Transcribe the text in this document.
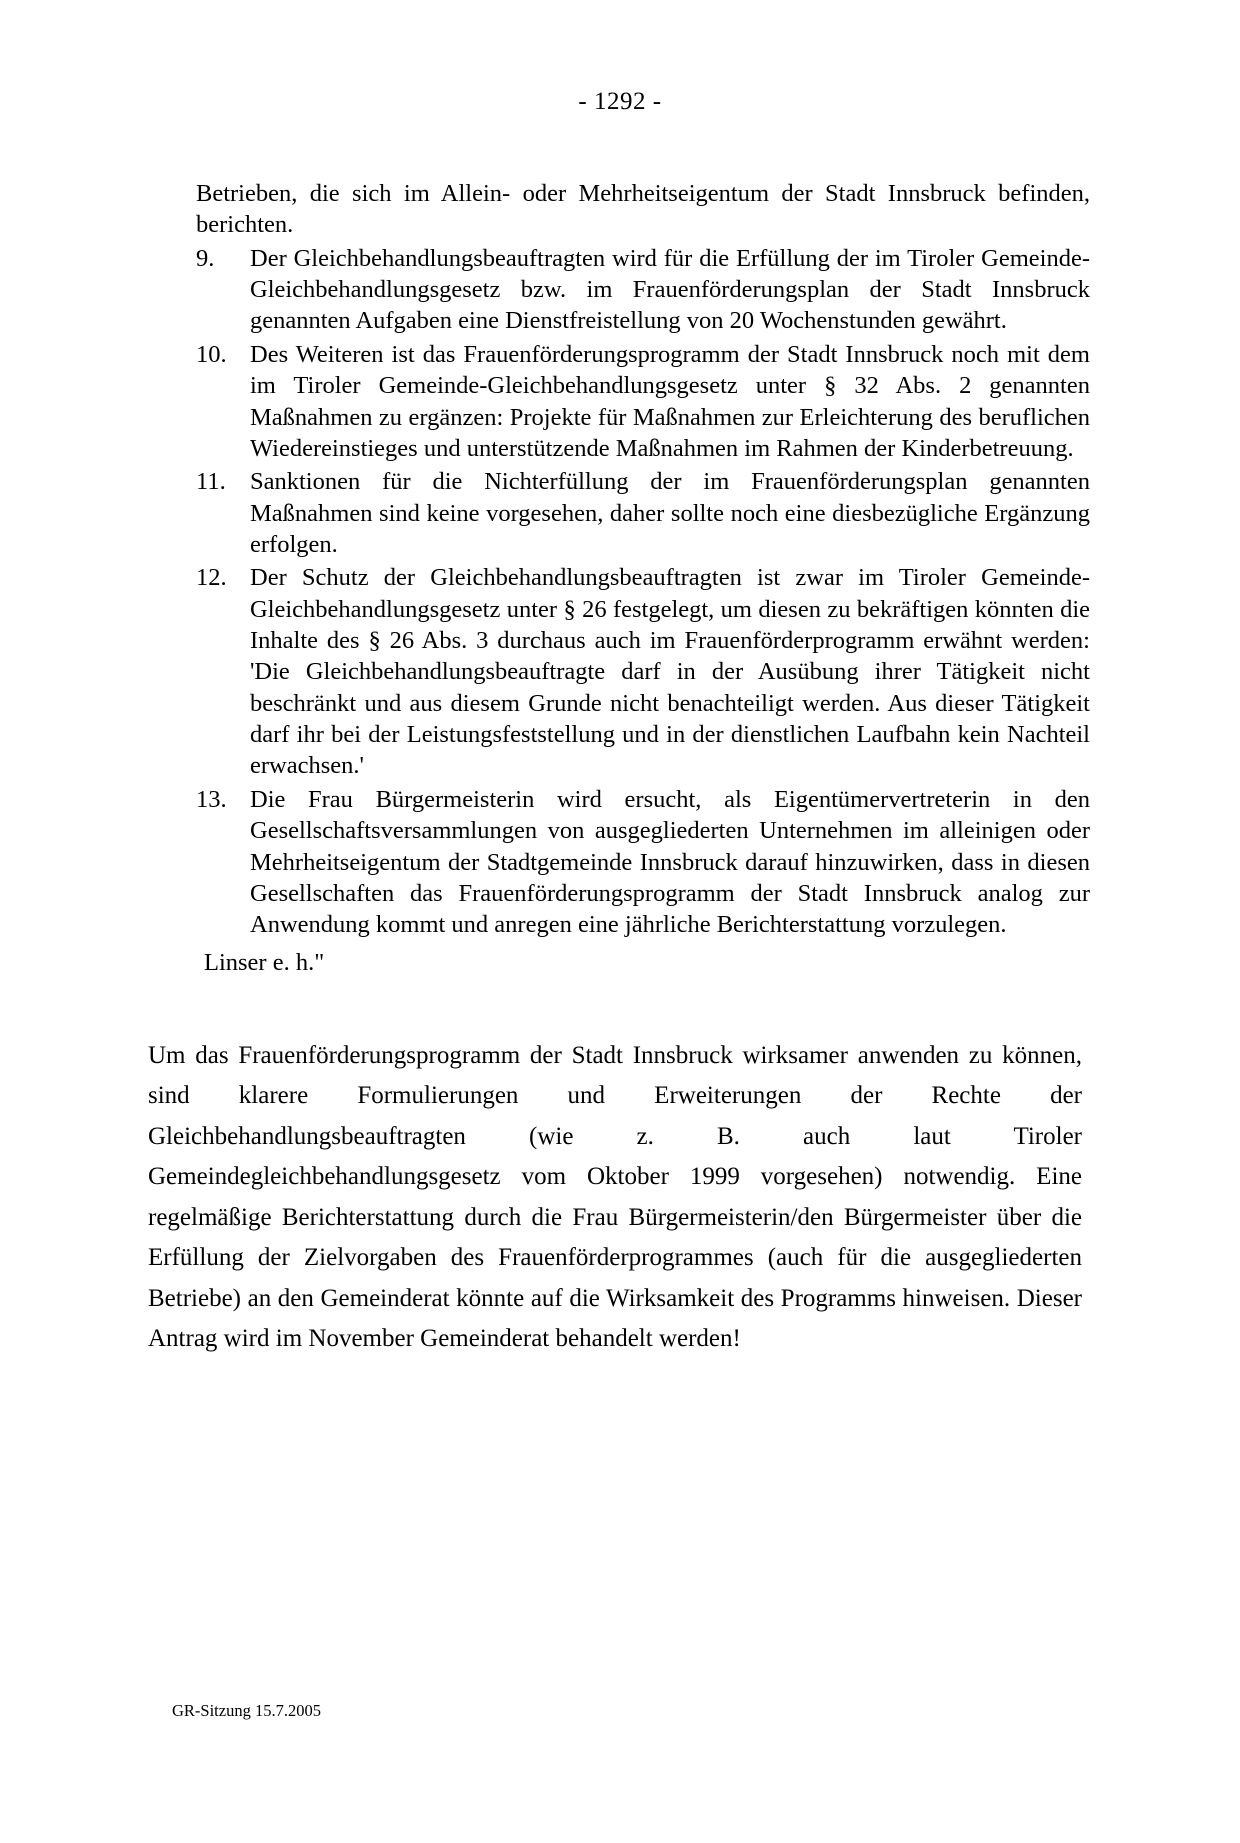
- 1292 -

Betrieben, die sich im Allein- oder Mehrheitseigentum der Stadt Innsbruck befinden, berichten.

9.	Der Gleichbehandlungsbeauftragten wird für die Erfüllung der im Tiroler Gemeinde-Gleichbehandlungsgesetz bzw. im Frauenförderungsplan der Stadt Innsbruck genannten Aufgaben eine Dienstfreistellung von 20 Wochenstunden gewährt.
10. Des Weiteren ist das Frauenförderungsprogramm der Stadt Innsbruck noch mit dem im Tiroler Gemeinde-Gleichbehandlungsgesetz unter § 32 Abs. 2 genannten Maßnahmen zu ergänzen: Projekte für Maßnahmen zur Erleichterung des beruflichen Wiedereinstieges und unterstützende Maßnahmen im Rahmen der Kinderbetreuung.
11. Sanktionen für die Nichterfüllung der im Frauenförderungsplan genannten Maßnahmen sind keine vorgesehen, daher sollte noch eine diesbezügliche Ergänzung erfolgen.
12. Der Schutz der Gleichbehandlungsbeauftragten ist zwar im Tiroler Gemeinde- Gleichbehandlungsgesetz unter § 26 festgelegt, um diesen zu bekräftigen könnten die Inhalte des § 26 Abs. 3 durchaus auch im Frauenförderprogramm erwähnt werden: 'Die Gleichbehandlungsbeauftragte darf in der Ausübung ihrer Tätigkeit nicht beschränkt und aus diesem Grunde nicht benachteiligt werden. Aus dieser Tätigkeit darf ihr bei der Leistungsfeststellung und in der dienstlichen Laufbahn kein Nachteil erwachsen.'
13. Die Frau Bürgermeisterin wird ersucht, als Eigentümervertreterin in den Gesellschaftsversammlungen von ausgegliederten Unternehmen im alleinigen oder Mehrheitseigentum der Stadtgemeinde Innsbruck darauf hinzuwirken, dass in diesen Gesellschaften das Frauenförderungsprogramm der Stadt Innsbruck analog zur Anwendung kommt und anregen eine jährliche Berichterstattung vorzulegen.
Linser e. h."

Um das Frauenförderungsprogramm der Stadt Innsbruck wirksamer anwenden zu können, sind klarere Formulierungen und Erweiterungen der Rechte der Gleichbehandlungsbeauftragten (wie z. B. auch laut Tiroler Gemeindegleichbehandlungsgesetz vom Oktober 1999 vorgesehen) notwendig. Eine regelmäßige Berichterstattung durch die Frau Bürgermeisterin/den Bürgermeister über die Erfüllung der Zielvorgaben des Frauenförderprogrammes (auch für die ausgegliederten Betriebe) an den Gemeinderat könnte auf die Wirksamkeit des Programms hinweisen. Dieser Antrag wird im November Gemeinderat behandelt werden!

GR-Sitzung 15.7.2005
